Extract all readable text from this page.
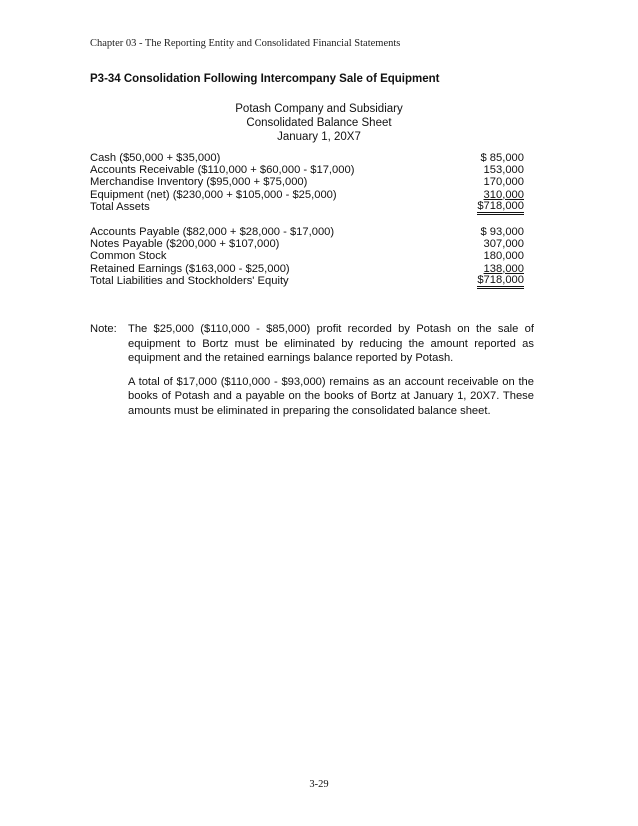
Chapter 03 - The Reporting Entity and Consolidated Financial Statements
P3-34 Consolidation Following Intercompany Sale of Equipment
Potash Company and Subsidiary
Consolidated Balance Sheet
January 1, 20X7
Cash ($50,000 + $35,000)	$ 85,000
Accounts Receivable ($110,000 + $60,000 - $17,000)	153,000
Merchandise Inventory ($95,000 + $75,000)	170,000
Equipment (net) ($230,000 + $105,000 - $25,000)	310,000
Total Assets	$718,000
Accounts Payable ($82,000 + $28,000 - $17,000)	$ 93,000
Notes Payable ($200,000 + $107,000)	307,000
Common Stock	180,000
Retained Earnings ($163,000 - $25,000)	138,000
Total Liabilities and Stockholders' Equity	$718,000
Note: The $25,000 ($110,000 - $85,000) profit recorded by Potash on the sale of equipment to Bortz must be eliminated by reducing the amount reported as equipment and the retained earnings balance reported by Potash.
A total of $17,000 ($110,000 - $93,000) remains as an account receivable on the books of Potash and a payable on the books of Bortz at January 1, 20X7. These amounts must be eliminated in preparing the consolidated balance sheet.
3-29
